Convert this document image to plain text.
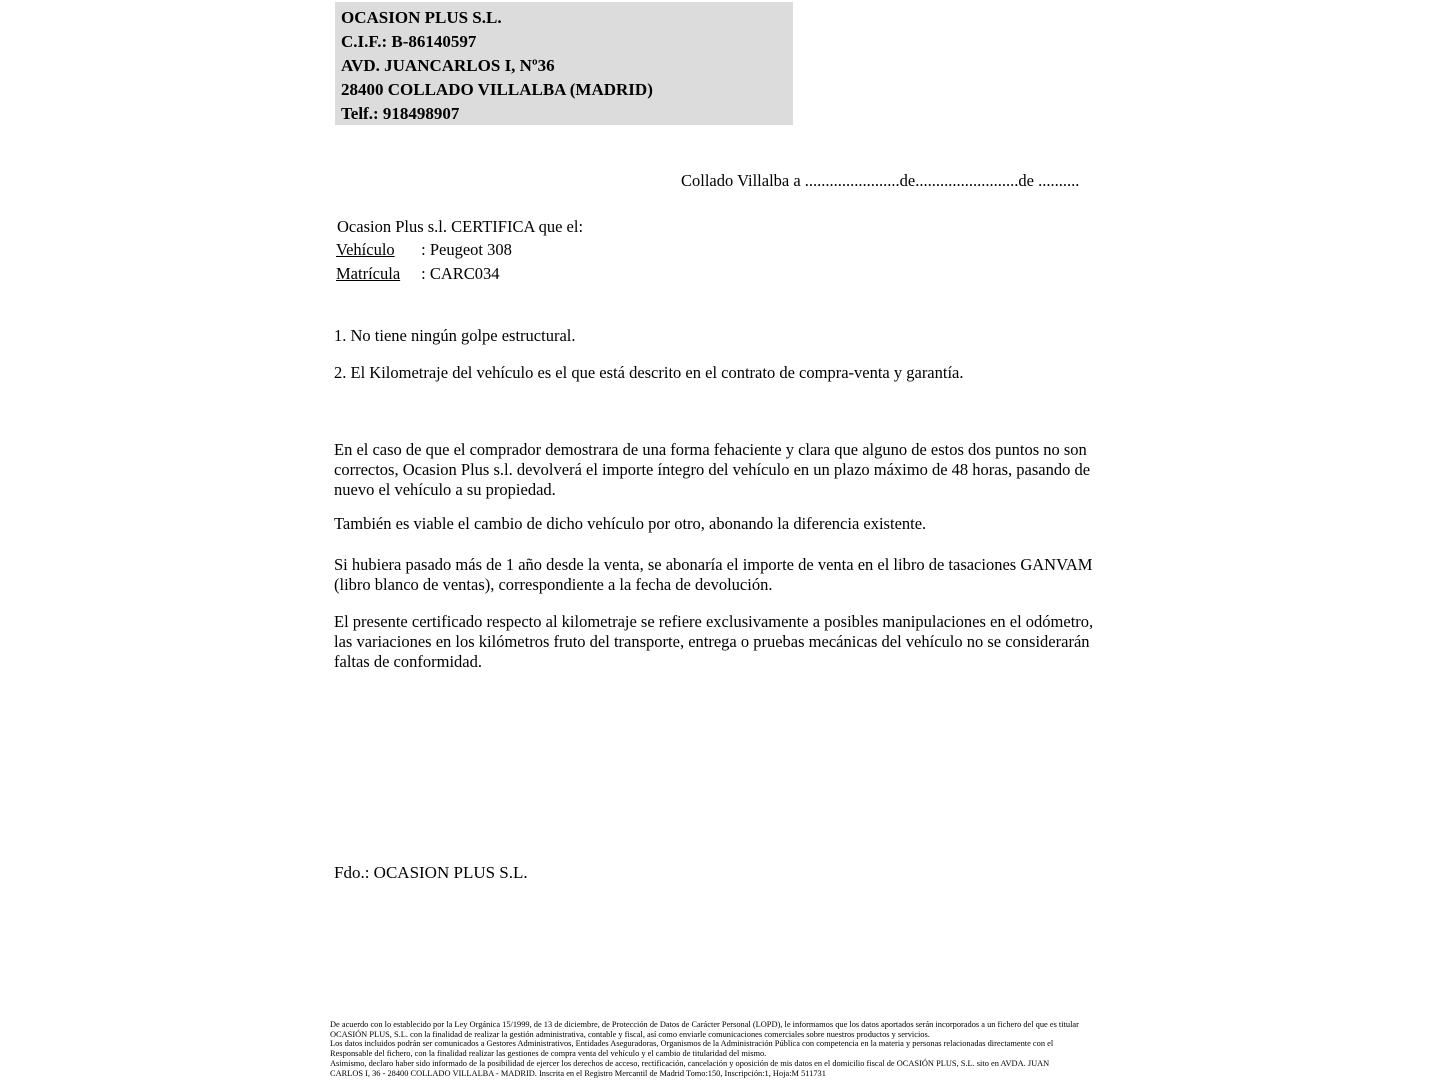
OCASION PLUS S.L.
C.I.F.: B-86140597
AVD. JUANCARLOS I, Nº36
28400 COLLADO VILLALBA (MADRID)
Telf.: 918498907
Collado Villalba a .......................de.........................de ..........
Ocasion Plus s.l. CERTIFICA que el:
Vehículo : Peugeot 308
Matrícula : CARC034
1. No tiene ningún golpe estructural.
2. El Kilometraje del vehículo es el que está descrito en el contrato de compra-venta y garantía.
En el caso de que el comprador demostrara de una forma fehaciente y clara que alguno de estos dos puntos no son correctos, Ocasion Plus s.l. devolverá el importe íntegro del vehículo en un plazo máximo de 48 horas, pasando de nuevo el vehículo a su propiedad.
También es viable el cambio de dicho vehículo por otro, abonando la diferencia existente.
Si hubiera pasado más de 1 año desde la venta, se abonaría el importe de venta en el libro de tasaciones GANVAM (libro blanco de ventas), correspondiente a la fecha de devolución.
El presente certificado respecto al kilometraje se refiere exclusivamente a posibles manipulaciones en el odómetro, las variaciones en los kilómetros fruto del transporte, entrega o pruebas mecánicas del vehículo no se considerarán faltas de conformidad.
Fdo.: OCASION PLUS S.L.
De acuerdo con lo establecido por la Ley Orgánica 15/1999, de 13 de diciembre, de Protección de Datos de Carácter Personal (LOPD), le informamos que los datos aportados serán incorporados a un fichero del que es titular
OCASIÓN PLUS, S.L. con la finalidad de realizar la gestión administrativa, contable y fiscal, así como enviarle comunicaciones comerciales sobre nuestros productos y servicios.
Los datos incluidos podrán ser comunicados a Gestores Administrativos, Entidades Aseguradoras, Organismos de la Administración Pública con competencia en la materia y personas relacionadas directamente con el
Responsable del fichero, con la finalidad realizar las gestiones de compra venta del vehículo y el cambio de titularidad del mismo.
Asimismo, declaro haber sido informado de la posibilidad de ejercer los derechos de acceso, rectificación, cancelación y oposición de mis datos en el domicilio fiscal de OCASIÓN PLUS, S.L. sito en AVDA. JUAN
CARLOS I, 36 - 28400 COLLADO VILLALBA - MADRID. Inscrita en el Registro Mercantil de Madrid Tomo:150, Inscripción:1, Hoja:M 511731
